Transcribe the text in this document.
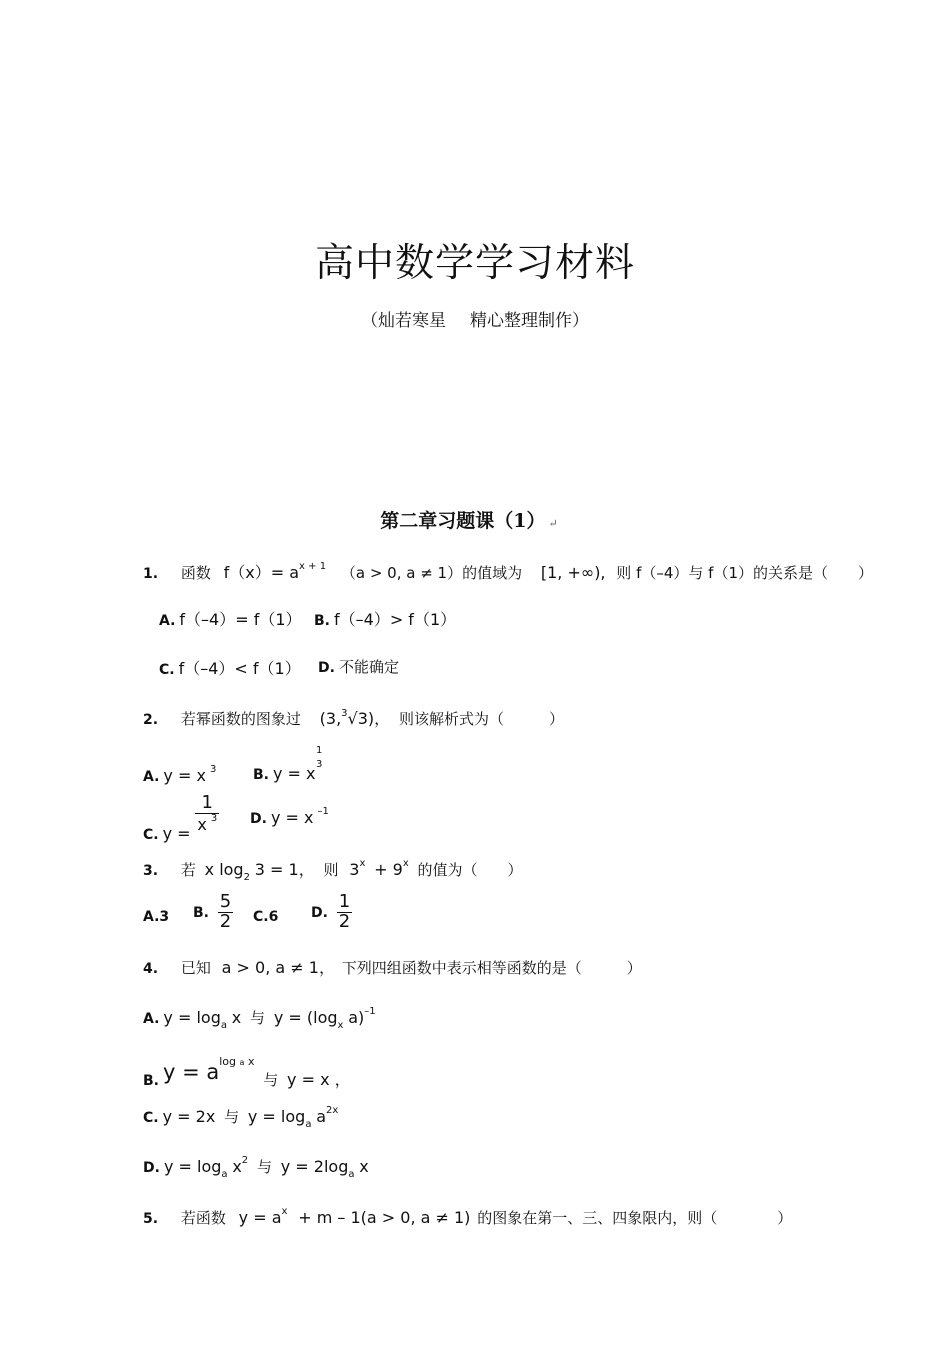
高中数学学习材料
（灿若寒星 精心整理制作）
第二章习题课（1） ↵
1. 函数 $f(x)= a^{x + 1}$ （a > 0, a ≠ 1）的值域为 [1, +∞), 则 f（–4）与 f（1）的关系是（　　）
A. f（–4）= f（1） B. f（–4）> f（1）
C. f（–4）< f（1） D. 不能确定
2. 若幂函数的图象过 (3,$^3$√3)， 则该解析式为（　　　）
A. y = x $^3$	B. y = x
1
3
C. $y = \frac{1}{x ^3} D$. y = x $^{-1}$
3. 若 x $\log_2 3 = 1$， 则 $3^x + 9^x$ 的值为（　　）
A.3 B. $\frac{5}{2} C.6$ D. $\frac{1}{2}$
4. 已知 a > 0, a ≠ 1， 下列四组函数中表示相等函数的是（　　　）
A. $y = \log_a x$ 与 $y = (\log_x$ a)$^{-1}$
B. $y = a^{log a x}$ 与 y = x ，
C. y = 2x 与 $y = \log_a a^{2x}$
D. $y = \log_a x^2$ 与 $y = 2\log_a$ x
5. 若函数 $y = a^x + m - 1(a > 0$, a ≠ 1) 的图象在第一、三、四象限内，则（　　　　）
